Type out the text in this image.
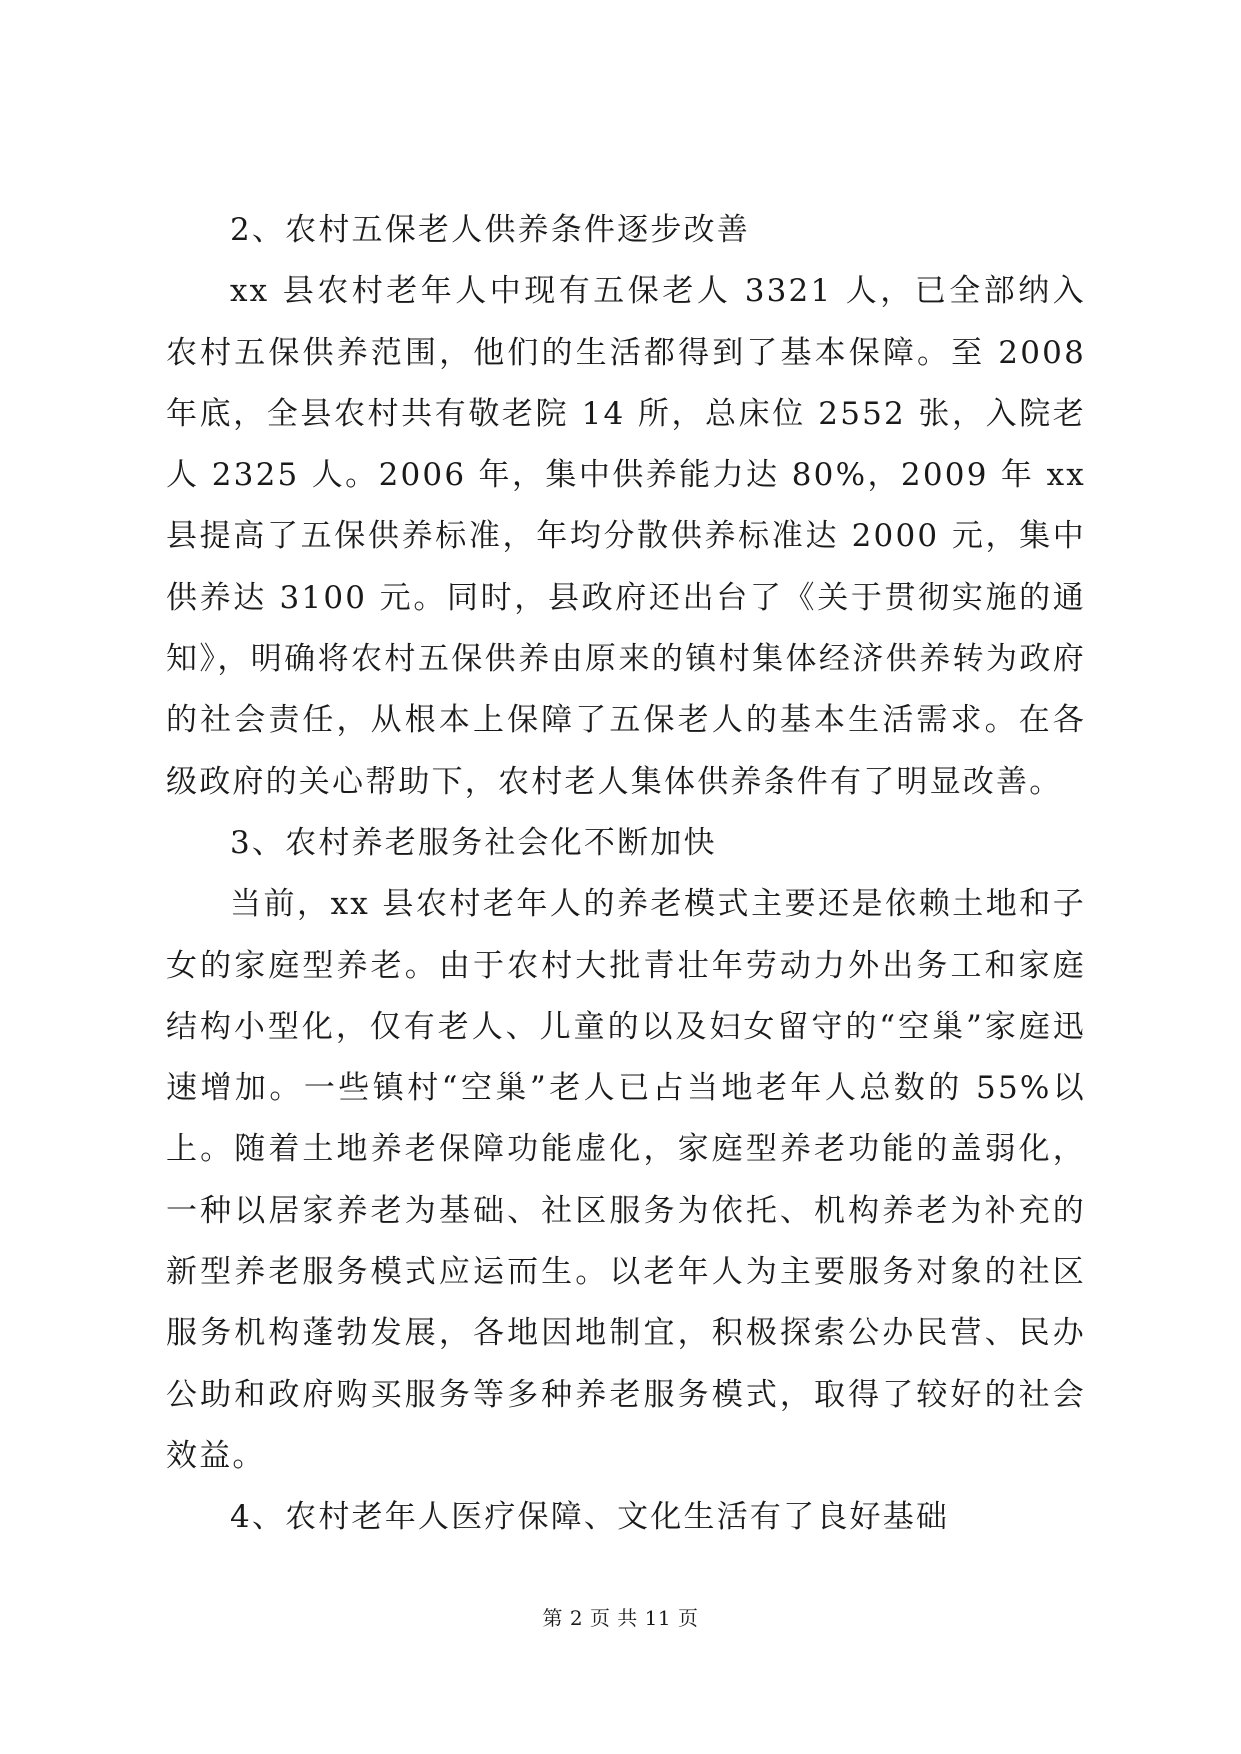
2、农村五保老人供养条件逐步改善

xx 县农村老年人中现有五保老人 3321 人，已全部纳入农村五保供养范围，他们的生活都得到了基本保障。至 2008 年底，全县农村共有敬老院 14 所，总床位 2552 张，入院老人 2325 人。2006 年，集中供养能力达 80%，2009 年 xx 县提高了五保供养标准，年均分散供养标准达 2000 元，集中供养达 3100 元。同时，县政府还出台了《关于贯彻实施的通知》，明确将农村五保供养由原来的镇村集体经济供养转为政府的社会责任，从根本上保障了五保老人的基本生活需求。在各级政府的关心帮助下，农村老人集体供养条件有了明显改善。

3、农村养老服务社会化不断加快

当前，xx 县农村老年人的养老模式主要还是依赖土地和子女的家庭型养老。由于农村大批青壮年劳动力外出务工和家庭结构小型化，仅有老人、儿童的以及妇女留守的“空巢”家庭迅速增加。一些镇村“空巢”老人已占当地老年人总数的 55%以上。随着土地养老保障功能虚化，家庭型养老功能的盖弱化，一种以居家养老为基础、社区服务为依托、机构养老为补充的新型养老服务模式应运而生。以老年人为主要服务对象的社区服务机构蓬勃发展，各地因地制宜，积极探索公办民营、民办公助和政府购买服务等多种养老服务模式，取得了较好的社会效益。

4、农村老年人医疗保障、文化生活有了良好基础

第 2 页 共 11 页
